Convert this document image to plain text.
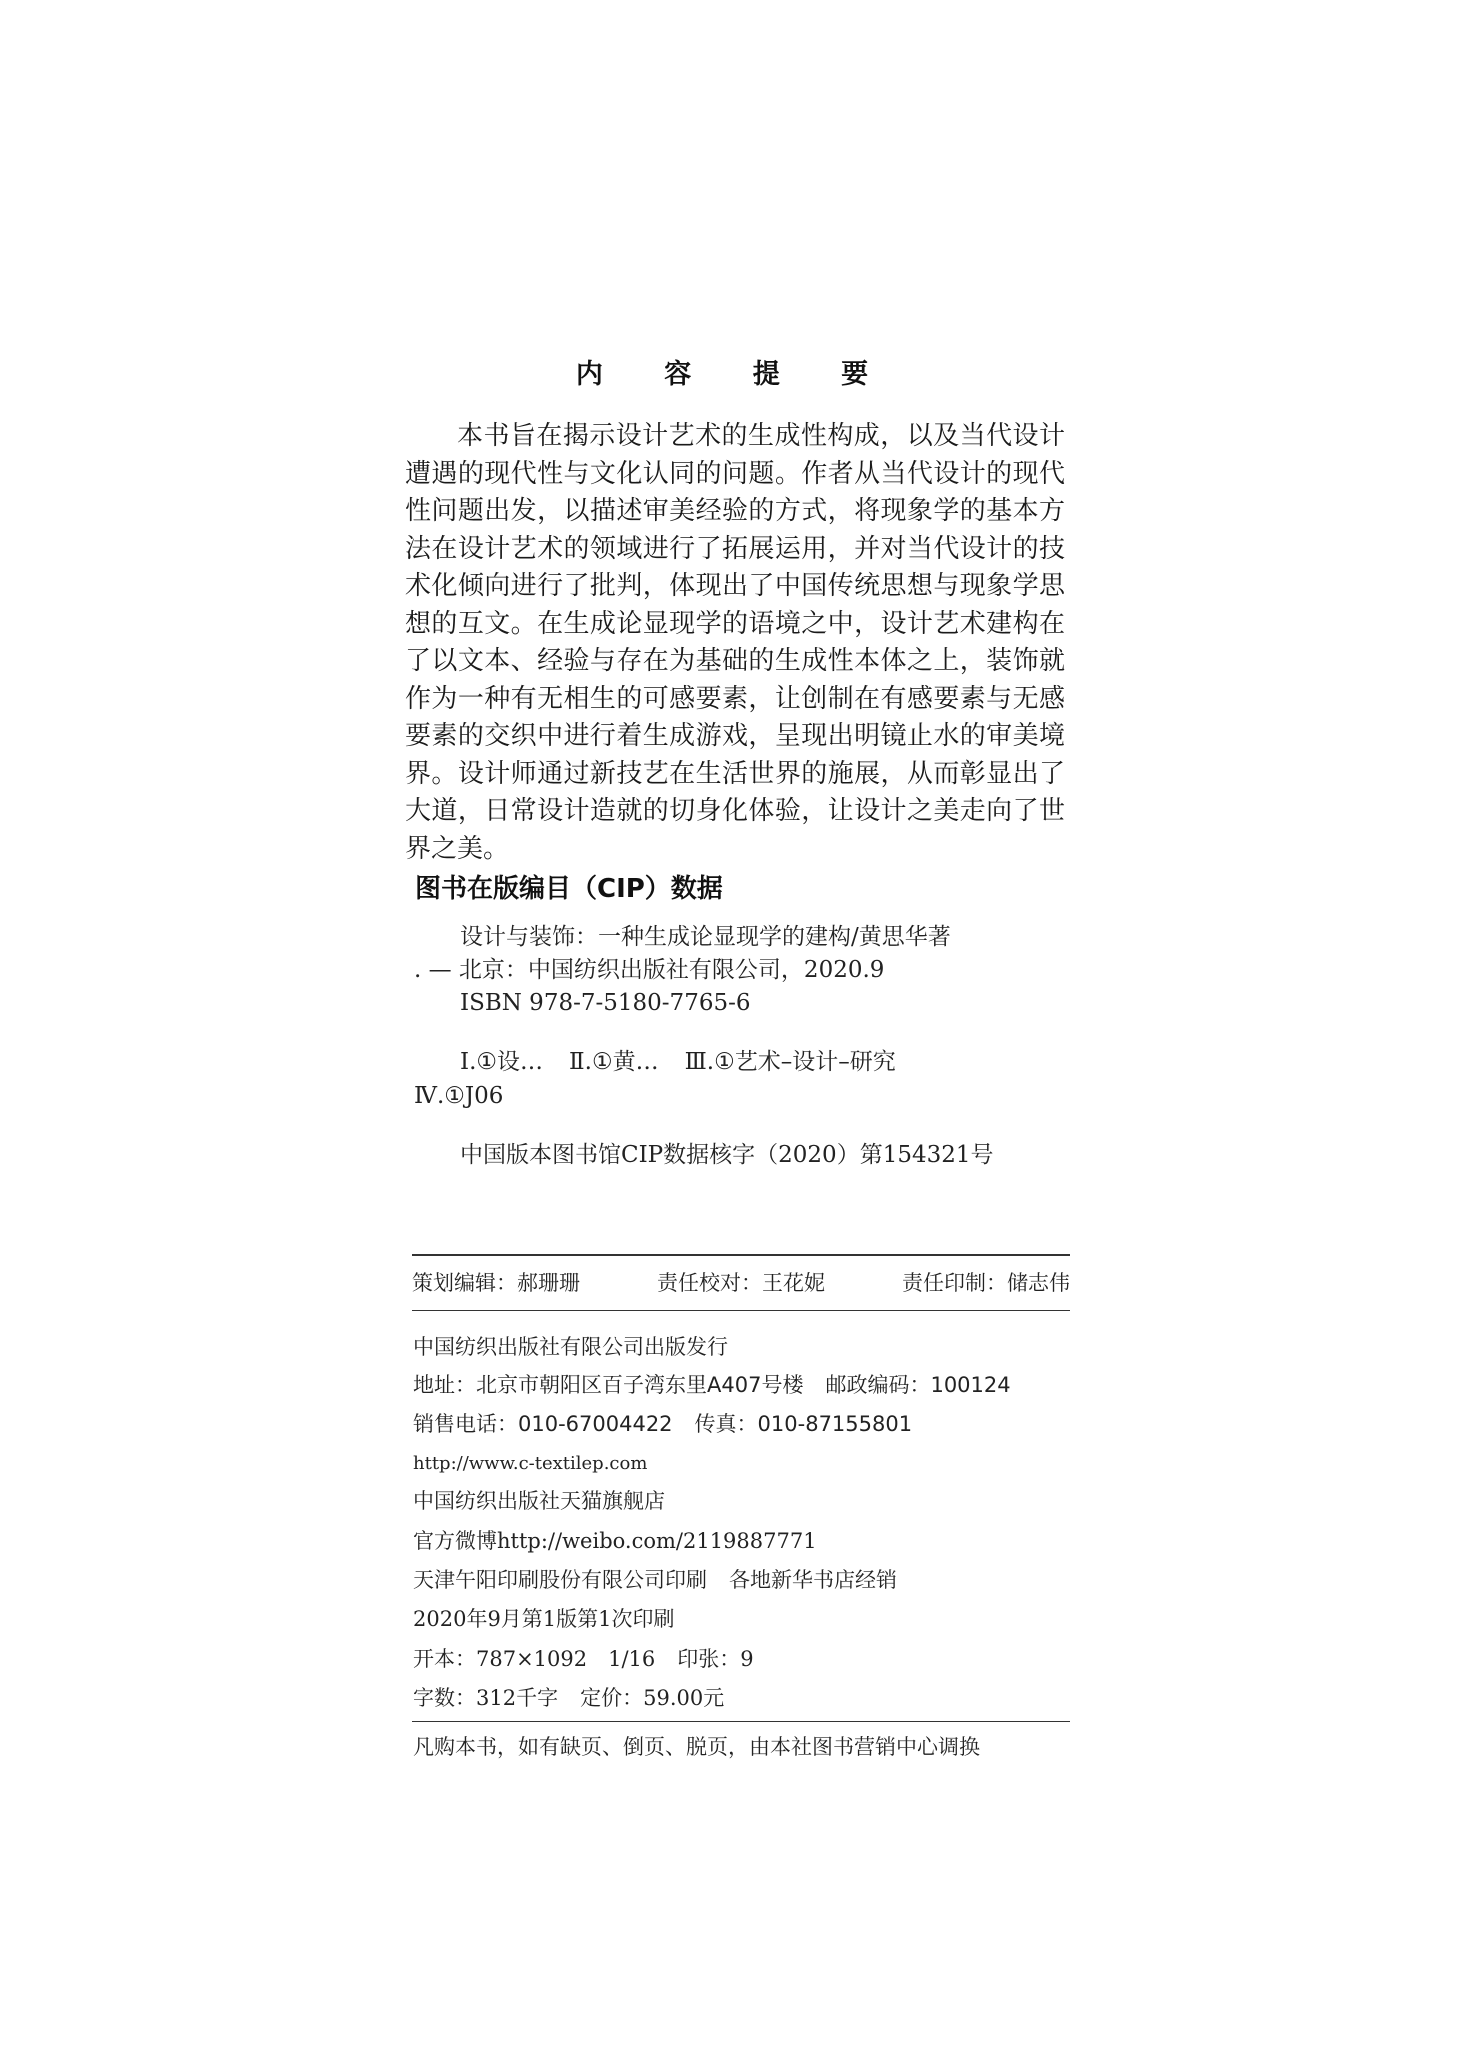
内 容 提 要

本书旨在揭示设计艺术的生成性构成，以及当代设计遭遇的现代性与文化认同的问题。作者从当代设计的现代性问题出发，以描述审美经验的方式，将现象学的基本方法在设计艺术的领域进行了拓展运用，并对当代设计的技术化倾向进行了批判，体现出了中国传统思想与现象学思想的互文。在生成论显现学的语境之中，设计艺术建构在了以文本、经验与存在为基础的生成性本体之上，装饰就作为一种有无相生的可感要素，让创制在有感要素与无感要素的交织中进行着生成游戏，呈现出明镜止水的审美境界。设计师通过新技艺在生活世界的施展，从而彰显出了大道，日常设计造就的切身化体验，让设计之美走向了世界之美。

图书在版编目（CIP）数据
设计与装饰：一种生成论显现学的建构/黄思华著
. — 北京：中国纺织出版社有限公司，2020.9
ISBN 978-7-5180-7765-6
Ⅰ.①设… Ⅱ.①黄… Ⅲ.①艺术–设计–研究
Ⅳ.①J06
中国版本图书馆CIP数据核字（2020）第154321号
策划编辑：郝珊珊	责任校对：王花妮	责任印制：储志伟
中国纺织出版社有限公司出版发行
地址：北京市朝阳区百子湾东里A407号楼 邮政编码：100124
销售电话：010-67004422 传真：010-87155801
http://www.c-textilep.com
中国纺织出版社天猫旗舰店
官方微博http://weibo.com/2119887771
天津午阳印刷股份有限公司印刷 各地新华书店经销
2020年9月第1版第1次印刷
开本：787×1092　1/16 印张：9
字数：312千字 定价：59.00元
凡购本书，如有缺页、倒页、脱页，由本社图书营销中心调换
